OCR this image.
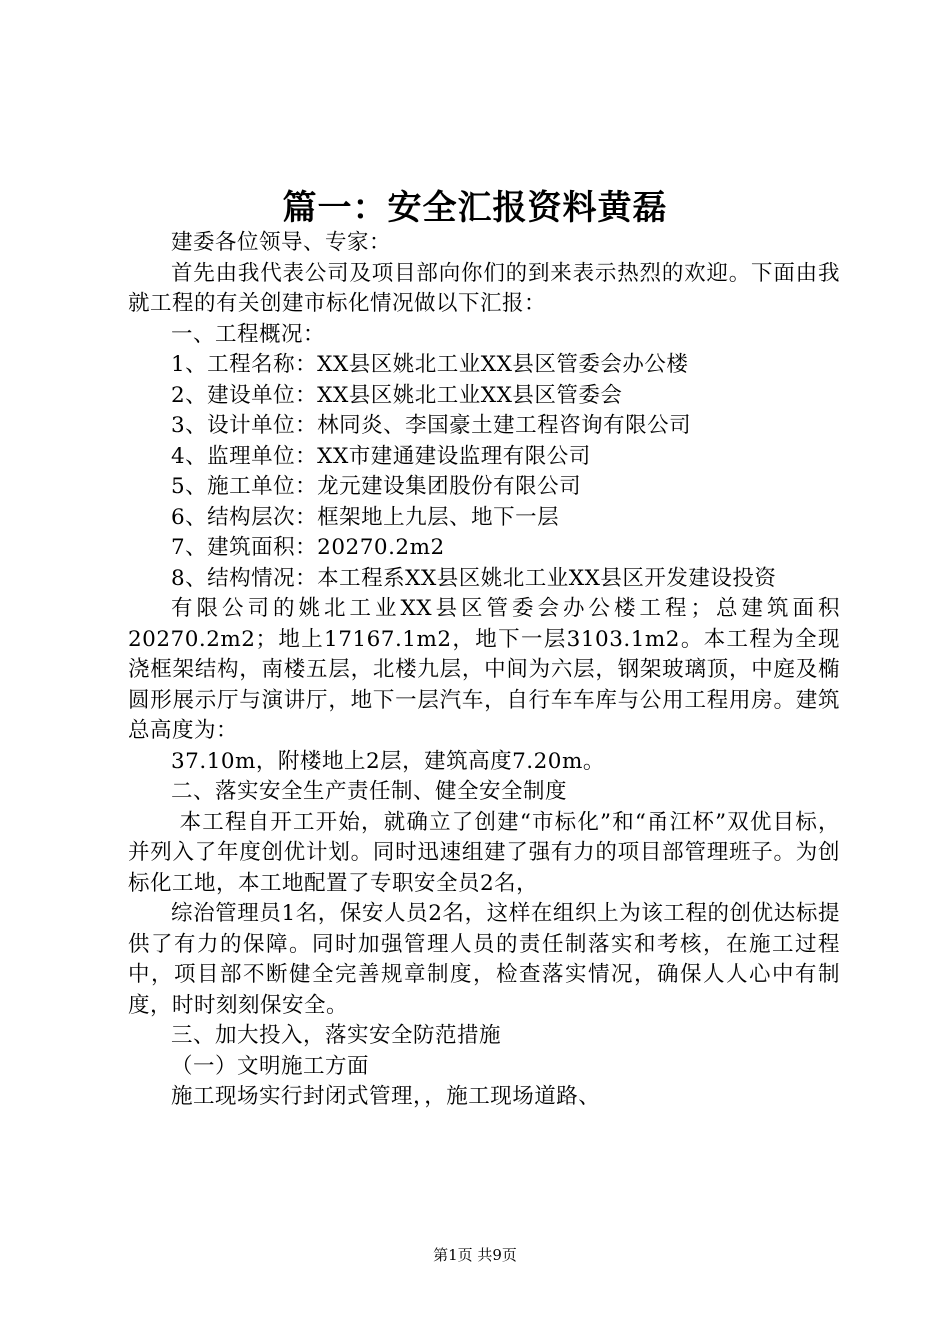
篇一：安全汇报资料黄磊

建委各位领导、专家：

首先由我代表公司及项目部向你们的到来表示热烈的欢迎。下面由我就工程的有关创建市标化情况做以下汇报：

一、工程概况：

1、工程名称：XX县区姚北工业XX县区管委会办公楼

2、建设单位：XX县区姚北工业XX县区管委会

3、设计单位：林同炎、李国豪土建工程咨询有限公司

4、监理单位：XX市建通建设监理有限公司

5、施工单位：龙元建设集团股份有限公司

6、结构层次：框架地上九层、地下一层

7、建筑面积：20270.2m2

8、结构情况：本工程系XX县区姚北工业XX县区开发建设投资

有限公司的姚北工业XX县区管委会办公楼工程；总建筑面积20270.2m2；地上17167.1m2，地下一层3103.1m2。本工程为全现浇框架结构，南楼五层，北楼九层，中间为六层，钢架玻璃顶，中庭及椭圆形展示厅与演讲厅，地下一层汽车，自行车车库与公用工程用房。建筑总高度为：

37.10m，附楼地上2层，建筑高度7.20m。

二、落实安全生产责任制、健全安全制度

本工程自开工开始，就确立了创建“市标化”和“甬江杯”双优目标，并列入了年度创优计划。同时迅速组建了强有力的项目部管理班子。为创标化工地，本工地配置了专职安全员2名，

综治管理员1名，保安人员2名，这样在组织上为该工程的创优达标提供了有力的保障。同时加强管理人员的责任制落实和考核，在施工过程中，项目部不断健全完善规章制度，检查落实情况，确保人人心中有制度，时时刻刻保安全。

三、加大投入，落实安全防范措施

（一）文明施工方面

施工现场实行封闭式管理，，施工现场道路、

第1页 共9页
